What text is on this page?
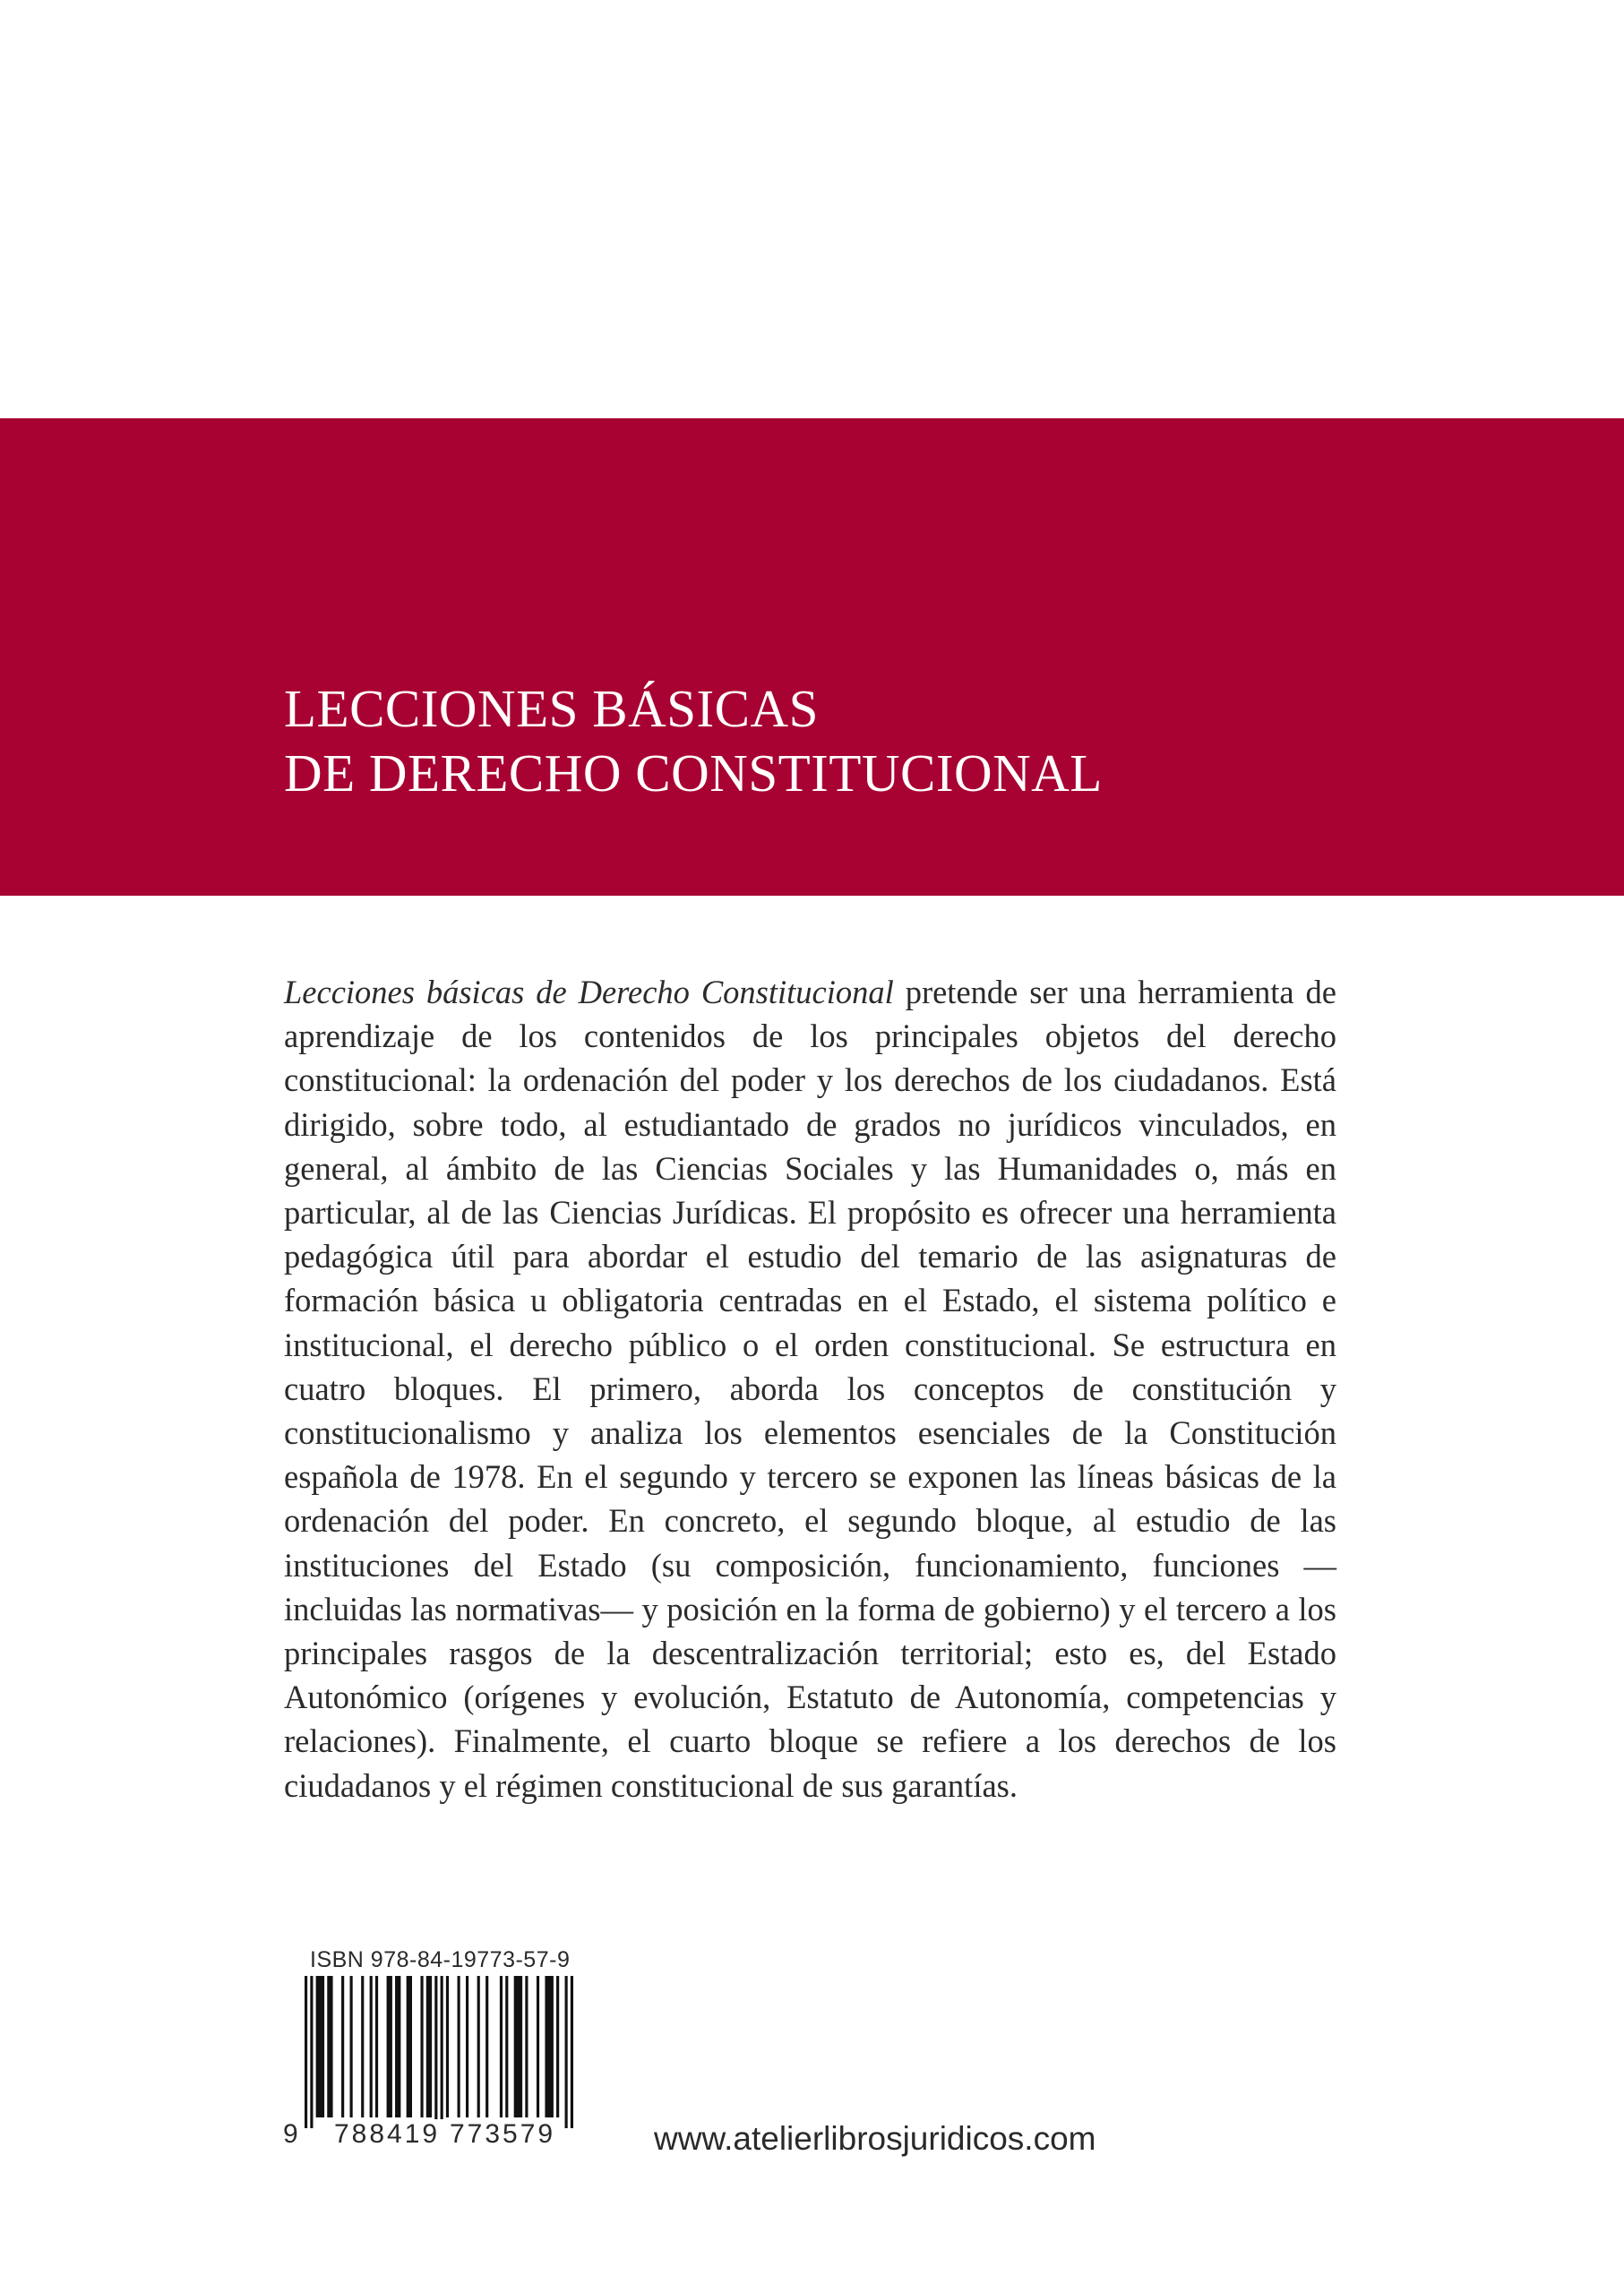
LECCIONES BÁSICAS
DE DERECHO CONSTITUCIONAL

Lecciones básicas de Derecho Constitucional pretende ser una herramienta de aprendizaje de los contenidos de los principales objetos del derecho constitucional: la ordenación del poder y los derechos de los ciudadanos. Está dirigido, sobre todo, al estudiantado de grados no jurídicos vinculados, en general, al ámbito de las Ciencias Sociales y las Humanidades o, más en particular, al de las Ciencias Jurídicas. El propósito es ofrecer una herramienta pedagógica útil para abordar el estudio del temario de las asignaturas de formación básica u obligatoria centradas en el Estado, el sistema político e institucional, el derecho público o el orden constitucional. Se estructura en cuatro bloques. El primero, aborda los conceptos de constitución y constitucionalismo y analiza los elementos esenciales de la Constitución española de 1978. En el segundo y tercero se exponen las líneas básicas de la ordenación del poder. En concreto, el segundo bloque, al estudio de las instituciones del Estado (su composición, funcionamiento, funciones —incluidas las normativas— y posición en la forma de gobierno) y el tercero a los principales rasgos de la descentralización territorial; esto es, del Estado Autonómico (orígenes y evolución, Estatuto de Autonomía, competencias y relaciones). Finalmente, el cuarto bloque se refiere a los derechos de los ciudadanos y el régimen constitucional de sus garantías.

ISBN 978-84-19773-57-9

9 788419 773579	www.atelierlibrosjuridicos.com
